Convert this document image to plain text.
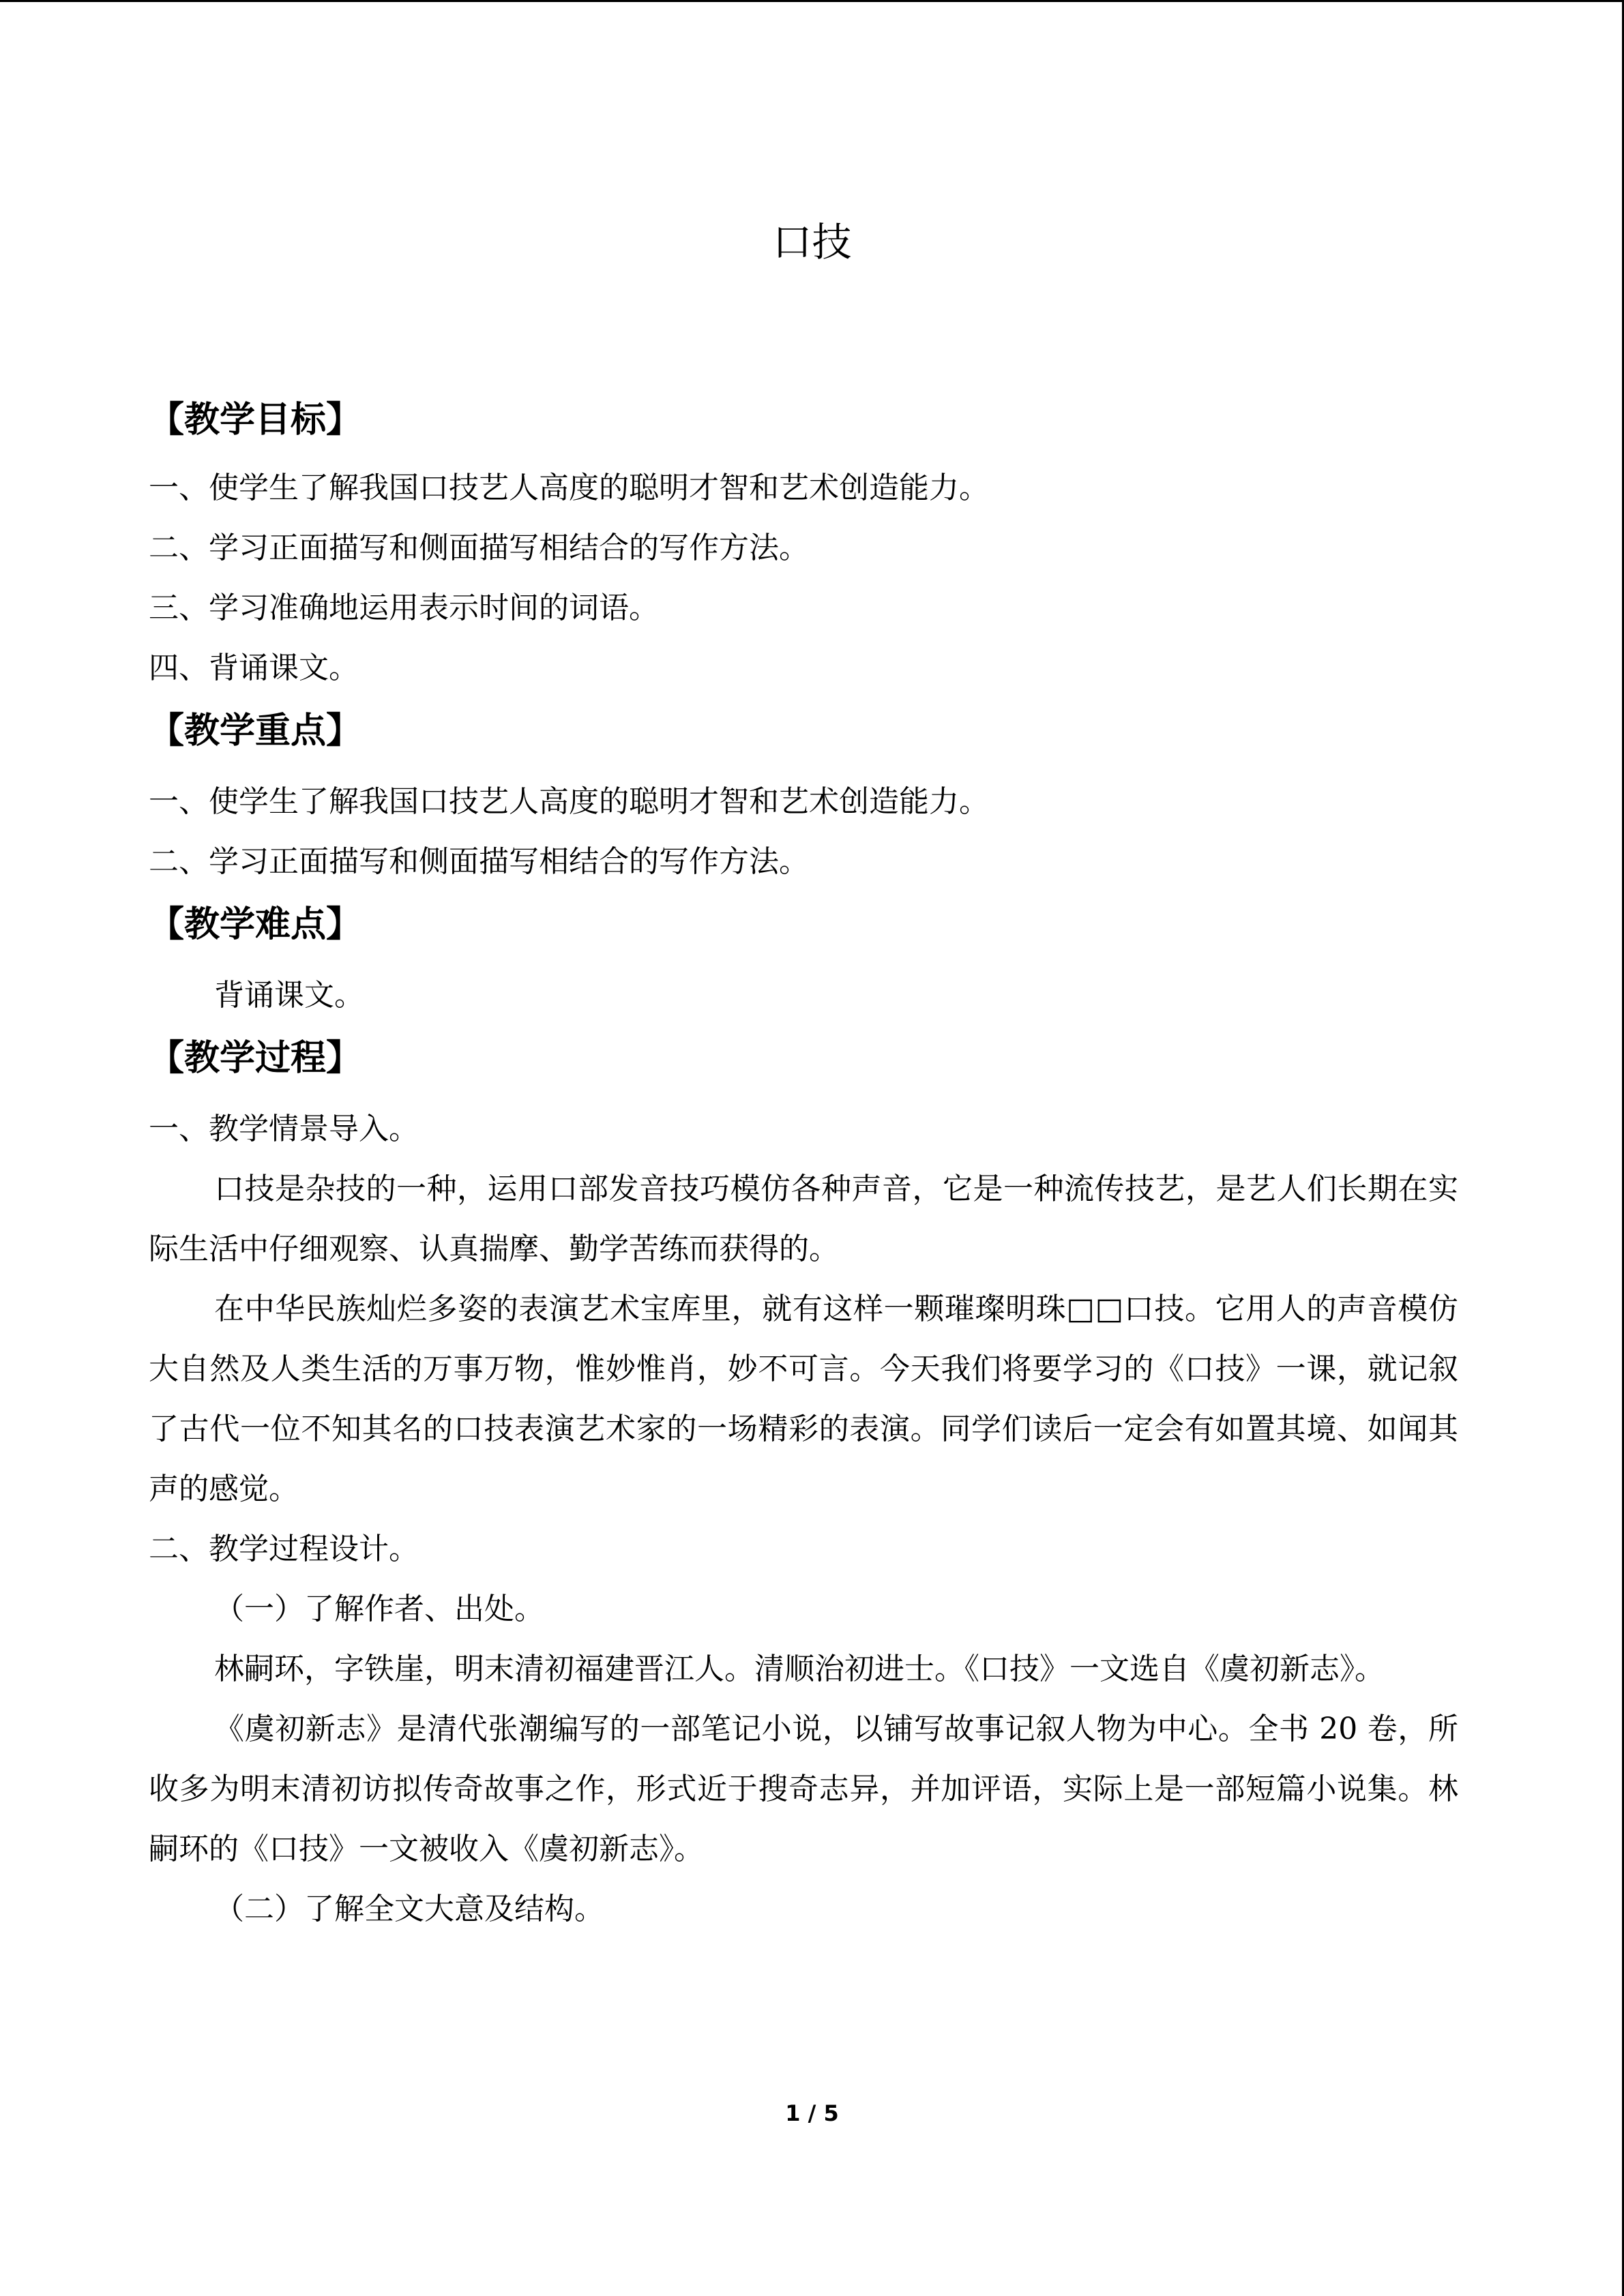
口技

【教学目标】

一、使学生了解我国口技艺人高度的聪明才智和艺术创造能力。

二、学习正面描写和侧面描写相结合的写作方法。

三、学习准确地运用表示时间的词语。

四、背诵课文。

【教学重点】

一、使学生了解我国口技艺人高度的聪明才智和艺术创造能力。

二、学习正面描写和侧面描写相结合的写作方法。

【教学难点】

背诵课文。

【教学过程】

一、教学情景导入。

口技是杂技的一种，运用口部发音技巧模仿各种声音，它是一种流传技艺，是艺人们长期在实际生活中仔细观察、认真揣摩、勤学苦练而获得的。

在中华民族灿烂多姿的表演艺术宝库里，就有这样一颗璀璨明珠□□口技。它用人的声音模仿大自然及人类生活的万事万物，惟妙惟肖，妙不可言。今天我们将要学习的《口技》一课，就记叙了古代一位不知其名的口技表演艺术家的一场精彩的表演。同学们读后一定会有如置其境、如闻其声的感觉。

二、教学过程设计。

（一）了解作者、出处。

林嗣环，字铁崖，明末清初福建晋江人。清顺治初进士。《口技》一文选自《虞初新志》。

《虞初新志》是清代张潮编写的一部笔记小说，以铺写故事记叙人物为中心。全书 20 卷，所收多为明末清初访拟传奇故事之作，形式近于搜奇志异，并加评语，实际上是一部短篇小说集。林嗣环的《口技》一文被收入《虞初新志》。

（二）了解全文大意及结构。

1 / 5
